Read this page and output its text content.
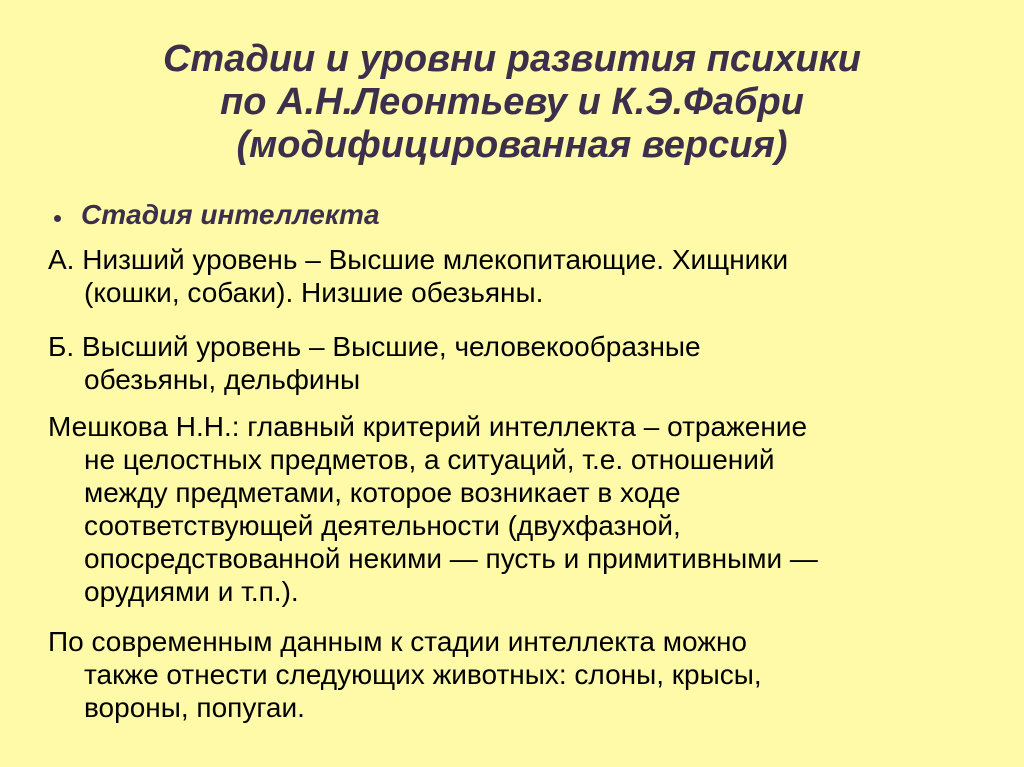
Стадии и уровни развития психики
по А.Н.Леонтьеву и К.Э.Фабри
(модифицированная версия)
Стадия интеллекта
А. Низший уровень – Высшие млекопитающие. Хищники
(кошки, собаки). Низшие обезьяны.
Б. Высший уровень – Высшие, человекообразные
обезьяны, дельфины
Мешкова Н.Н.: главный критерий интеллекта – отражение
не целостных предметов, а ситуаций, т.е. отношений
между предметами, которое возникает в ходе
соответствующей деятельности (двухфазной,
опосредствованной некими — пусть и примитивными —
орудиями и т.п.).
По современным данным к стадии интеллекта можно
также отнести следующих животных: слоны, крысы,
вороны, попугаи.
